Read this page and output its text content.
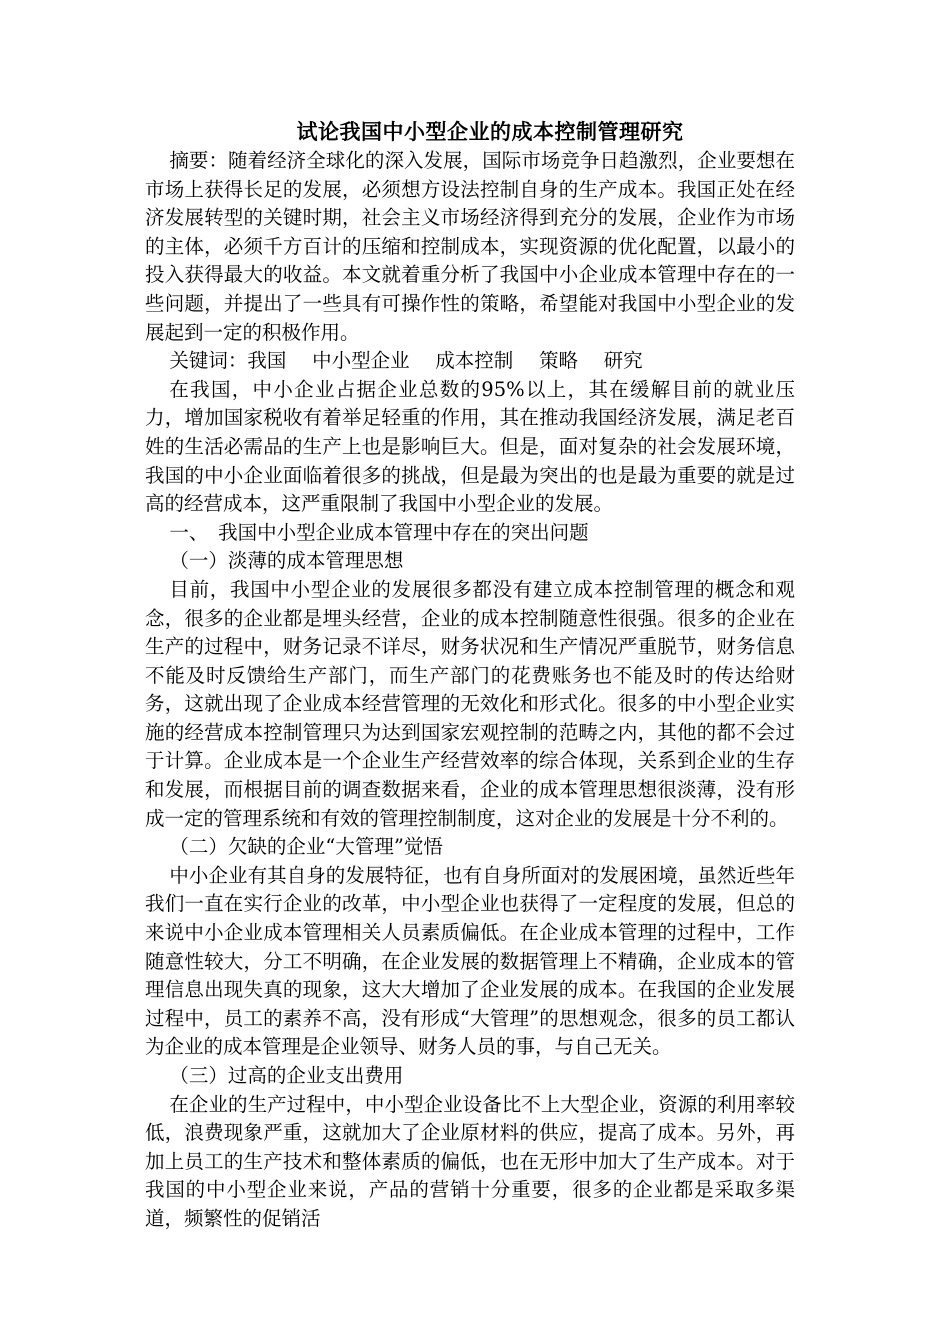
试论我国中小型企业的成本控制管理研究

摘要：随着经济全球化的深入发展，国际市场竞争日趋激烈，企业要想在市场上获得长足的发展，必须想方设法控制自身的生产成本。我国正处在经济发展转型的关键时期，社会主义市场经济得到充分的发展，企业作为市场的主体，必须千方百计的压缩和控制成本，实现资源的优化配置，以最小的投入获得最大的收益。本文就着重分析了我国中小企业成本管理中存在的一些问题，并提出了一些具有可操作性的策略，希望能对我国中小型企业的发展起到一定的积极作用。

关键词：我国　 中小型企业　 成本控制　 策略　 研究

在我国，中小企业占据企业总数的95%以上，其在缓解目前的就业压力，增加国家税收有着举足轻重的作用，其在推动我国经济发展，满足老百姓的生活必需品的生产上也是影响巨大。但是，面对复杂的社会发展环境，我国的中小企业面临着很多的挑战，但是最为突出的也是最为重要的就是过高的经营成本，这严重限制了我国中小型企业的发展。

一、　我国中小型企业成本管理中存在的突出问题

（一）淡薄的成本管理思想

目前，我国中小型企业的发展很多都没有建立成本控制管理的概念和观念，很多的企业都是埋头经营，企业的成本控制随意性很强。很多的企业在生产的过程中，财务记录不详尽，财务状况和生产情况严重脱节，财务信息不能及时反馈给生产部门，而生产部门的花费账务也不能及时的传达给财务，这就出现了企业成本经营管理的无效化和形式化。很多的中小型企业实施的经营成本控制管理只为达到国家宏观控制的范畴之内，其他的都不会过于计算。企业成本是一个企业生产经营效率的综合体现，关系到企业的生存和发展，而根据目前的调查数据来看，企业的成本管理思想很淡薄，没有形成一定的管理系统和有效的管理控制制度，这对企业的发展是十分不利的。

（二）欠缺的企业“大管理”觉悟

中小企业有其自身的发展特征，也有自身所面对的发展困境，虽然近些年我们一直在实行企业的改革，中小型企业也获得了一定程度的发展，但总的来说中小企业成本管理相关人员素质偏低。在企业成本管理的过程中，工作随意性较大，分工不明确，在企业发展的数据管理上不精确，企业成本的管理信息出现失真的现象，这大大增加了企业发展的成本。在我国的企业发展过程中，员工的素养不高，没有形成“大管理”的思想观念，很多的员工都认为企业的成本管理是企业领导、财务人员的事，与自己无关。

（三）过高的企业支出费用

在企业的生产过程中，中小型企业设备比不上大型企业，资源的利用率较低，浪费现象严重，这就加大了企业原材料的供应，提高了成本。另外，再加上员工的生产技术和整体素质的偏低，也在无形中加大了生产成本。对于我国的中小型企业来说，产品的营销十分重要，很多的企业都是采取多渠道，频繁性的促销活
